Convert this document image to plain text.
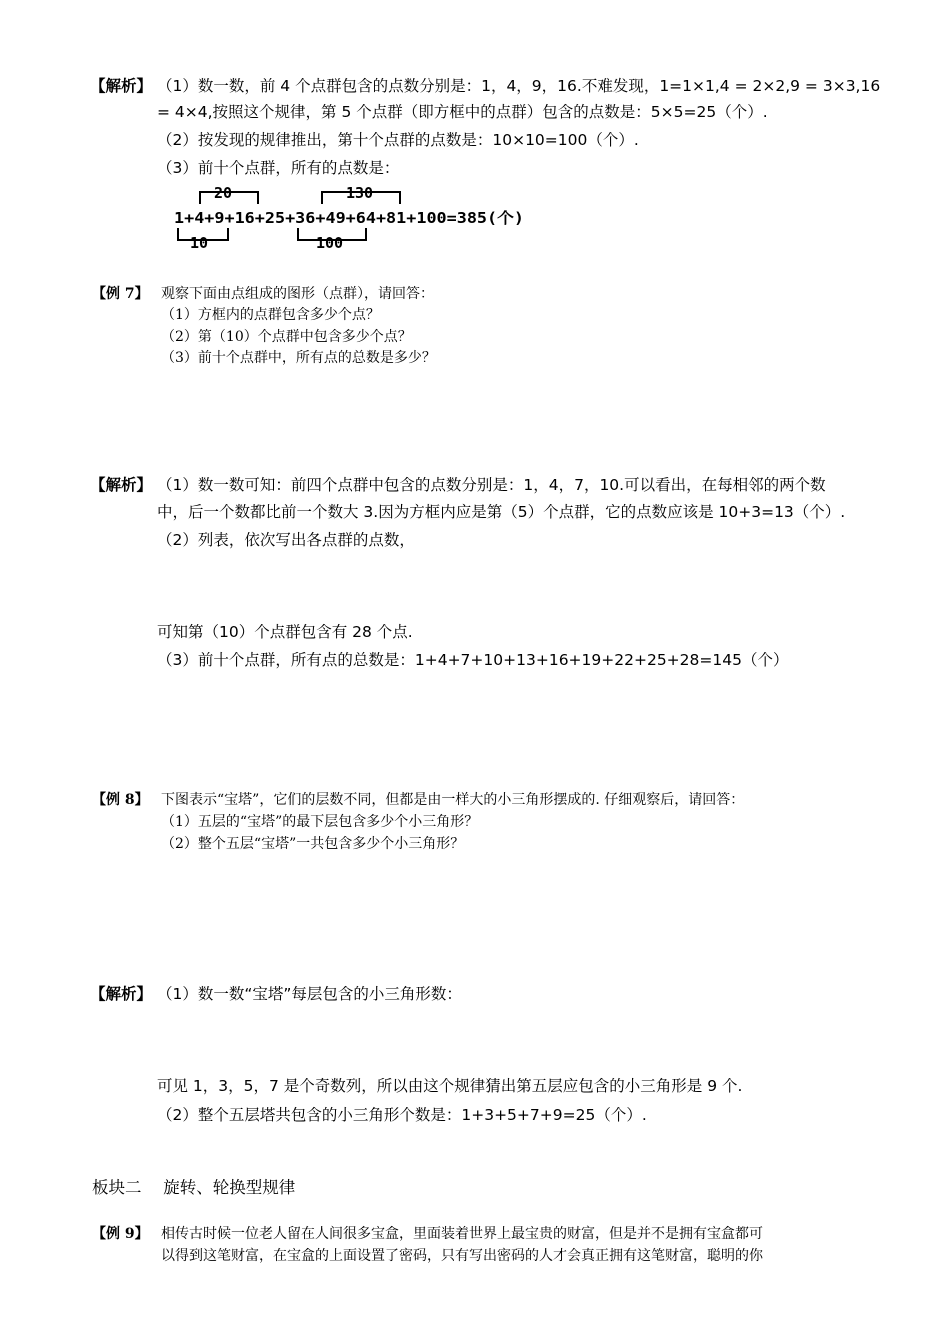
【解析】 （1）数一数，前 4 个点群包含的点数分别是：1，4，9，16.不难发现，1=1×1,4 = 2×2,9 = 3×3,16
= 4×4,按照这个规律，第 5 个点群（即方框中的点群）包含的点数是：5×5=25（个）.
（2）按发现的规律推出，第十个点群的点数是：10×10=100（个）.
（3）前十个点群，所有的点数是：
20	130
1+4+9+16+25+36+49+64+81+100=385(个)
10	100
【例 7】 观察下面由点组成的图形（点群），请回答：
（1）方框内的点群包含多少个点？
（2）第（10）个点群中包含多少个点？
（3）前十个点群中，所有点的总数是多少？
【解析】 （1）数一数可知：前四个点群中包含的点数分别是：1，4，7，10.可以看出，在每相邻的两个数
中，后一个数都比前一个数大 3.因为方框内应是第（5）个点群，它的点数应该是 10+3=13（个）.
（2）列表，依次写出各点群的点数，
可知第（10）个点群包含有 28 个点.
（3）前十个点群，所有点的总数是：1+4+7+10+13+16+19+22+25+28=145（个）
【例 8】 下图表示“宝塔”，它们的层数不同，但都是由一样大的小三角形摆成的. 仔细观察后，请回答：
（1）五层的“宝塔”的最下层包含多少个小三角形？
（2）整个五层“宝塔”一共包含多少个小三角形？
【解析】 （1）数一数“宝塔”每层包含的小三角形数：
可见 1，3，5，7 是个奇数列，所以由这个规律猜出第五层应包含的小三角形是 9 个.
（2）整个五层塔共包含的小三角形个数是：1+3+5+7+9=25（个）.
板块二　 旋转、轮换型规律
【例 9】 相传古时候一位老人留在人间很多宝盒，里面装着世界上最宝贵的财富，但是并不是拥有宝盒都可
以得到这笔财富，在宝盒的上面设置了密码，只有写出密码的人才会真正拥有这笔财富，聪明的你
